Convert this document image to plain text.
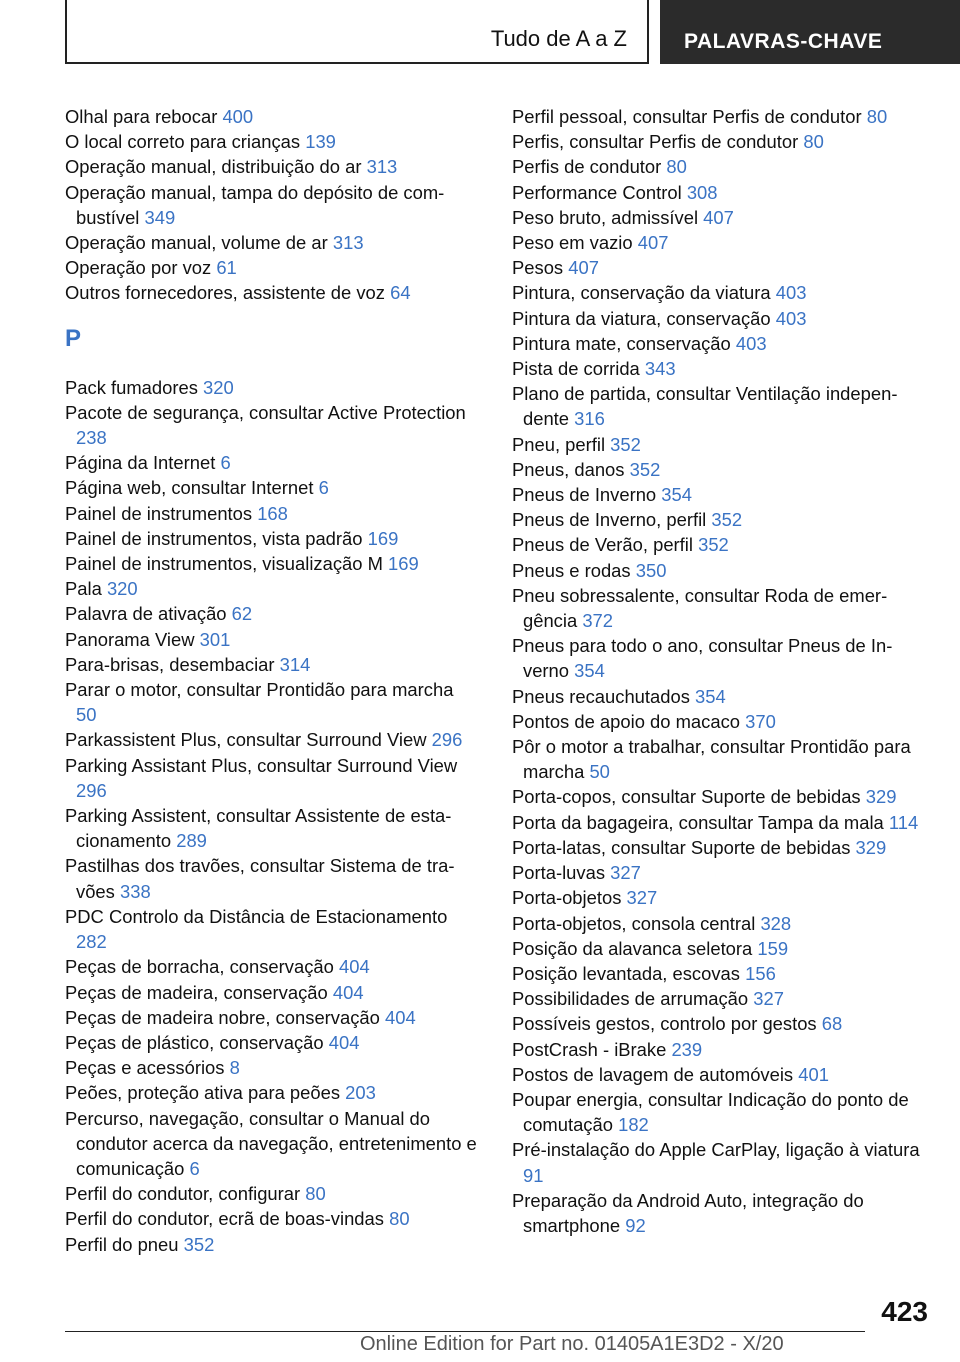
Tudo de A a Z	PALAVRAS-CHAVE
Olhal para rebocar 400
O local correto para crianças 139
Operação manual, distribuição do ar 313
Operação manual, tampa do depósito de combustível 349
Operação manual, volume de ar 313
Operação por voz 61
Outros fornecedores, assistente de voz 64
P
Pack fumadores 320
Pacote de segurança, consultar Active Protection 238
Página da Internet 6
Página web, consultar Internet 6
Painel de instrumentos 168
Painel de instrumentos, vista padrão 169
Painel de instrumentos, visualização M 169
Pala 320
Palavra de ativação 62
Panorama View 301
Para-brisas, desembaciar 314
Parar o motor, consultar Prontidão para marcha 50
Parkassistent Plus, consultar Surround View 296
Parking Assistant Plus, consultar Surround View 296
Parking Assistent, consultar Assistente de estacionamento 289
Pastilhas dos travões, consultar Sistema de travões 338
PDC Controlo da Distância de Estacionamento 282
Peças de borracha, conservação 404
Peças de madeira, conservação 404
Peças de madeira nobre, conservação 404
Peças de plástico, conservação 404
Peças e acessórios 8
Peões, proteção ativa para peões 203
Percurso, navegação, consultar o Manual do condutor acerca da navegação, entretenimento e comunicação 6
Perfil do condutor, configurar 80
Perfil do condutor, ecrã de boas-vindas 80
Perfil do pneu 352
Perfil pessoal, consultar Perfis de condutor 80
Perfis, consultar Perfis de condutor 80
Perfis de condutor 80
Performance Control 308
Peso bruto, admissível 407
Peso em vazio 407
Pesos 407
Pintura, conservação da viatura 403
Pintura da viatura, conservação 403
Pintura mate, conservação 403
Pista de corrida 343
Plano de partida, consultar Ventilação independente 316
Pneu, perfil 352
Pneus, danos 352
Pneus de Inverno 354
Pneus de Inverno, perfil 352
Pneus de Verão, perfil 352
Pneus e rodas 350
Pneu sobressalente, consultar Roda de emergência 372
Pneus para todo o ano, consultar Pneus de Inverno 354
Pneus recauchutados 354
Pontos de apoio do macaco 370
Pôr o motor a trabalhar, consultar Prontidão para marcha 50
Porta-copos, consultar Suporte de bebidas 329
Porta da bagageira, consultar Tampa da mala 114
Porta-latas, consultar Suporte de bebidas 329
Porta-luvas 327
Porta-objetos 327
Porta-objetos, consola central 328
Posição da alavanca seletora 159
Posição levantada, escovas 156
Possibilidades de arrumação 327
Possíveis gestos, controlo por gestos 68
PostCrash - iBrake 239
Postos de lavagem de automóveis 401
Poupar energia, consultar Indicação do ponto de comutação 182
Pré-instalação do Apple CarPlay, ligação à viatura 91
Preparação da Android Auto, integração do smartphone 92
423
Online Edition for Part no. 01405A1E3D2 - X/20
